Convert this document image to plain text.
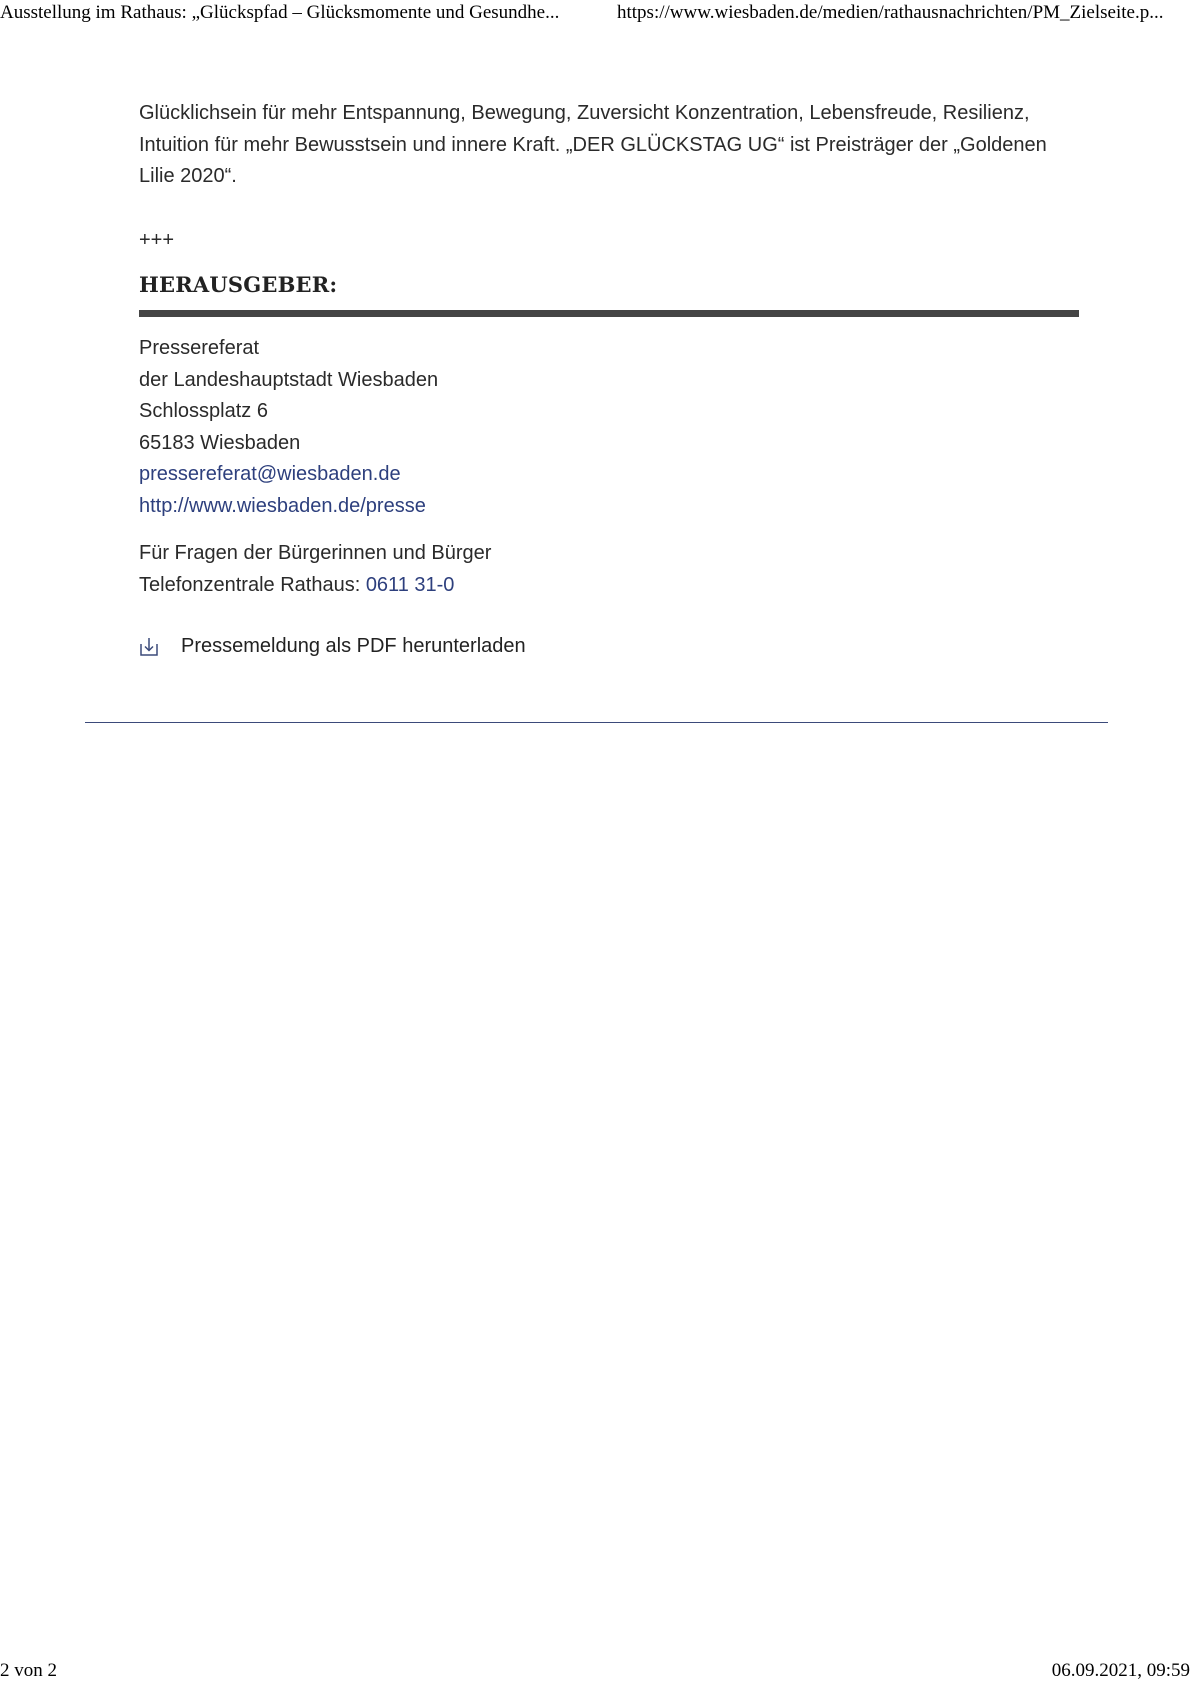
Ausstellung im Rathaus: „Glückspfad – Glücksmomente und Gesundhe...	https://www.wiesbaden.de/medien/rathausnachrichten/PM_Zielseite.p...

Glücklichsein für mehr Entspannung, Bewegung, Zuversicht Konzentration, Lebensfreude, Resilienz,
Intuition für mehr Bewusstsein und innere Kraft. „DER GLÜCKSTAG UG“ ist Preisträger der „Goldenen
Lilie 2020“.

+++
HERAUSGEBER:
Pressereferat
der Landeshauptstadt Wiesbaden
Schlossplatz 6
65183 Wiesbaden
pressereferat@wiesbaden.de
http://www.wiesbaden.de/presse
Für Fragen der Bürgerinnen und Bürger
Telefonzentrale Rathaus: 0611 31-0
Pressemeldung als PDF herunterladen
2 von 2	06.09.2021, 09:59
